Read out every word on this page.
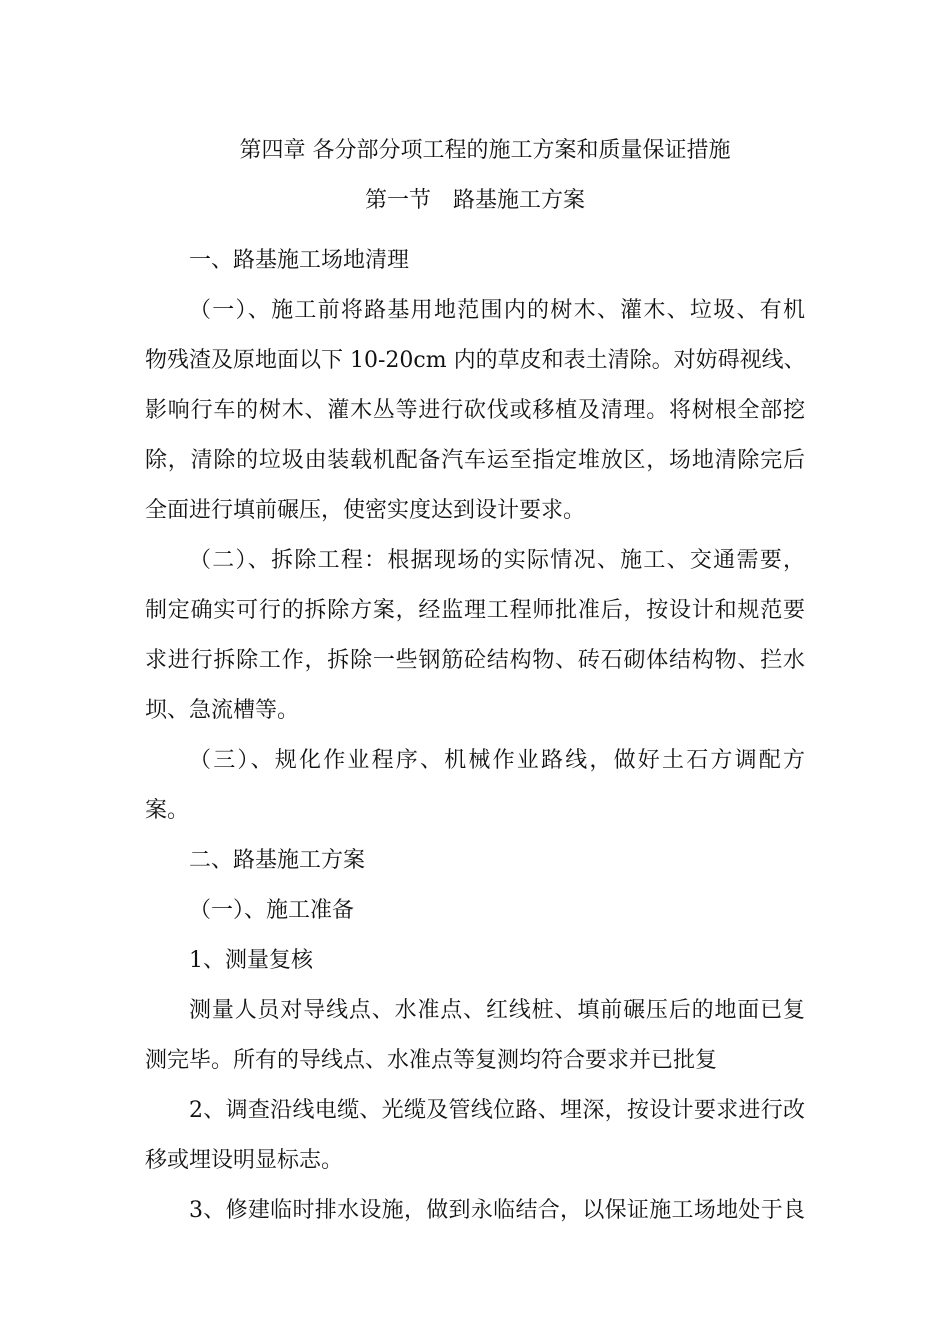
第四章 各分部分项工程的施工方案和质量保证措施
第一节　路基施工方案
一、路基施工场地清理
（一）、施工前将路基用地范围内的树木、灌木、垃圾、有机
物残渣及原地面以下 10-20cm 内的草皮和表土清除。对妨碍视线、
影响行车的树木、灌木丛等进行砍伐或移植及清理。将树根全部挖
除，清除的垃圾由装载机配备汽车运至指定堆放区，场地清除完后
全面进行填前碾压，使密实度达到设计要求。
（二）、拆除工程：根据现场的实际情况、施工、交通需要，
制定确实可行的拆除方案，经监理工程师批准后，按设计和规范要
求进行拆除工作，拆除一些钢筋砼结构物、砖石砌体结构物、拦水
坝、急流槽等。
（三）、规化作业程序、机械作业路线，做好土石方调配方
案。
二、路基施工方案
（一）、施工准备
1、测量复核
测量人员对导线点、水准点、红线桩、填前碾压后的地面已复
测完毕。所有的导线点、水准点等复测均符合要求并已批复
2、调查沿线电缆、光缆及管线位路、埋深，按设计要求进行改
移或埋设明显标志。
3、修建临时排水设施，做到永临结合，以保证施工场地处于良
